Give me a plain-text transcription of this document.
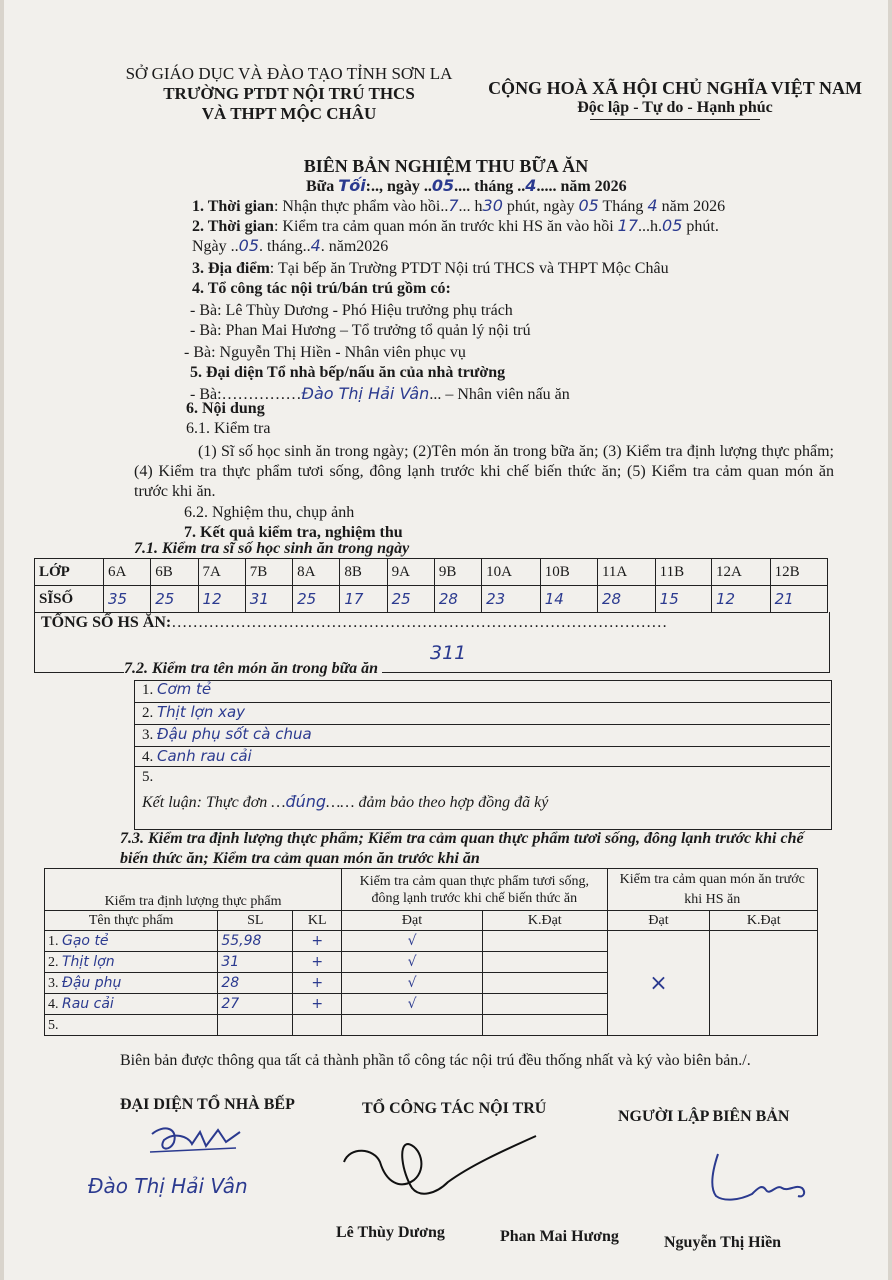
SỞ GIÁO DỤC VÀ ĐÀO TẠO TỈNH SƠN LA
TRƯỜNG PTDT NỘI TRÚ THCS
VÀ THPT MỘC CHÂU
CỘNG HOÀ XÃ HỘI CHỦ NGHĨA VIỆT NAM
Độc lập - Tự do - Hạnh phúc
BIÊN BẢN NGHIỆM THU BỮA ĂN
Bữa Tối:.., ngày ..05.... tháng ..4..... năm 2026
1. Thời gian: Nhận thực phẩm vào hồi..7... h30 phút, ngày 05 Tháng 4 năm 2026
2. Thời gian: Kiểm tra cảm quan món ăn trước khi HS ăn vào hồi 17...h.05 phút.
Ngày ..05. tháng..4. năm2026
3. Địa điểm: Tại bếp ăn Trường PTDT Nội trú THCS và THPT Mộc Châu
4. Tổ công tác nội trú/bán trú gồm có:
- Bà: Lê Thùy Dương - Phó Hiệu trưởng phụ trách
- Bà: Phan Mai Hương – Tổ trưởng tổ quản lý nội trú
- Bà: Nguyễn Thị Hiền - Nhân viên phục vụ
5. Đại diện Tổ nhà bếp/nấu ăn của nhà trường
- Bà:……………Đào Thị Hải Vân... – Nhân viên nấu ăn
6. Nội dung
6.1. Kiểm tra
(1) Sĩ số học sinh ăn trong ngày; (2)Tên món ăn trong bữa ăn; (3) Kiểm tra định lượng thực phẩm; (4) Kiểm tra thực phẩm tươi sống, đông lạnh trước khi chế biến thức ăn; (5) Kiểm tra cảm quan món ăn trước khi ăn.
6.2. Nghiệm thu, chụp ảnh
7. Kết quả kiểm tra, nghiệm thu
7.1. Kiểm tra sĩ số học sinh ăn trong ngày
LỚP	6A	6B	7A	7B	8A	8B	9A	9B	10A	10B	11A	11B	12A	12B
SĨSỐ	35	25	12	31	25	17	25	28	23	14	28	15	12	21
TỔNG SỐ HS ĂN:…………………………………………………………………………………
311
7.2. Kiểm tra tên món ăn trong bữa ăn
1. Cơm tẻ
2. Thịt lợn xay
3. Đậu phụ sốt cà chua
4. Canh rau cải
5.
Kết luận: Thực đơn …đúng…… đảm bảo theo hợp đồng đã ký
7.3. Kiểm tra định lượng thực phẩm; Kiểm tra cảm quan thực phẩm tươi sống, đông lạnh trước khi chế
biến thức ăn; Kiểm tra cảm quan món ăn trước khi ăn
Kiểm tra định lượng thực phẩm			Kiểm tra cảm quan thực phẩm tươi sống, đông lạnh trước khi chế biến thức ăn		Kiểm tra cảm quan món ăn trước khi HS ăn	
Tên thực phẩm	SL	KL	Đạt	K.Đạt	Đạt	K.Đạt
1. Gạo tẻ	55,98	+	√		×	
2. Thịt lợn	31	+	√			
3. Đậu phụ	28	+	√			
4. Rau cải	27	+	√			
5.						
Biên bản được thông qua tất cả thành phần tổ công tác nội trú đều thống nhất và ký vào biên bản./.
ĐẠI DIỆN TỔ NHÀ BẾP	TỔ CÔNG TÁC NỘI TRÚ	NGƯỜI LẬP BIÊN BẢN
Đào Thị Hải Vân
Lê Thùy Dương	Phan Mai Hương	Nguyễn Thị Hiền
